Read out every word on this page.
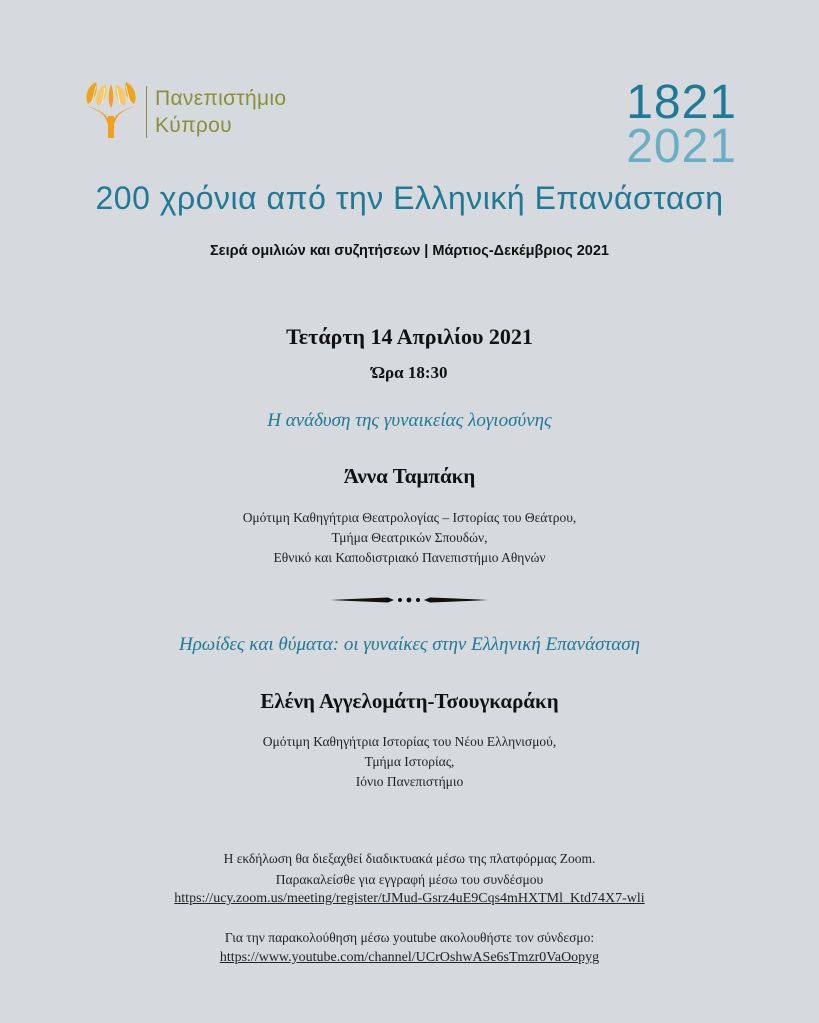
Πανεπιστήμιο
Κύπρου	1821
2021
200 χρόνια από την Ελληνική Επανάσταση
Σειρά ομιλιών και συζητήσεων | Μάρτιος-Δεκέμβριος 2021
Τετάρτη 14 Απριλίου 2021
Ώρα 18:30
Η ανάδυση της γυναικείας λογιοσύνης
Άννα Ταμπάκη
Ομότιμη Καθηγήτρια Θεατρολογίας – Ιστορίας του Θεάτρου,
Τμήμα Θεατρικών Σπουδών,
Εθνικό και Καποδιστριακό Πανεπιστήμιο Αθηνών
Ηρωίδες και θύματα: οι γυναίκες στην Ελληνική Επανάσταση
Ελένη Αγγελομάτη-Τσουγκαράκη
Ομότιμη Καθηγήτρια Ιστορίας του Νέου Ελληνισμού,
Τμήμα Ιστορίας,
Ιόνιο Πανεπιστήμιο
Η εκδήλωση θα διεξαχθεί διαδικτυακά μέσω της πλατφόρμας Zoom.
Παρακαλείσθε για εγγραφή μέσω του συνδέσμου
https://ucy.zoom.us/meeting/register/tJMud-Gsrz4uE9Cqs4mHXTMl_Ktd74X7-wli
Για την παρακολούθηση μέσω youtube ακολουθήστε τον σύνδεσμο:
https://www.youtube.com/channel/UCrOshwASe6sTmzr0VaOopyg
